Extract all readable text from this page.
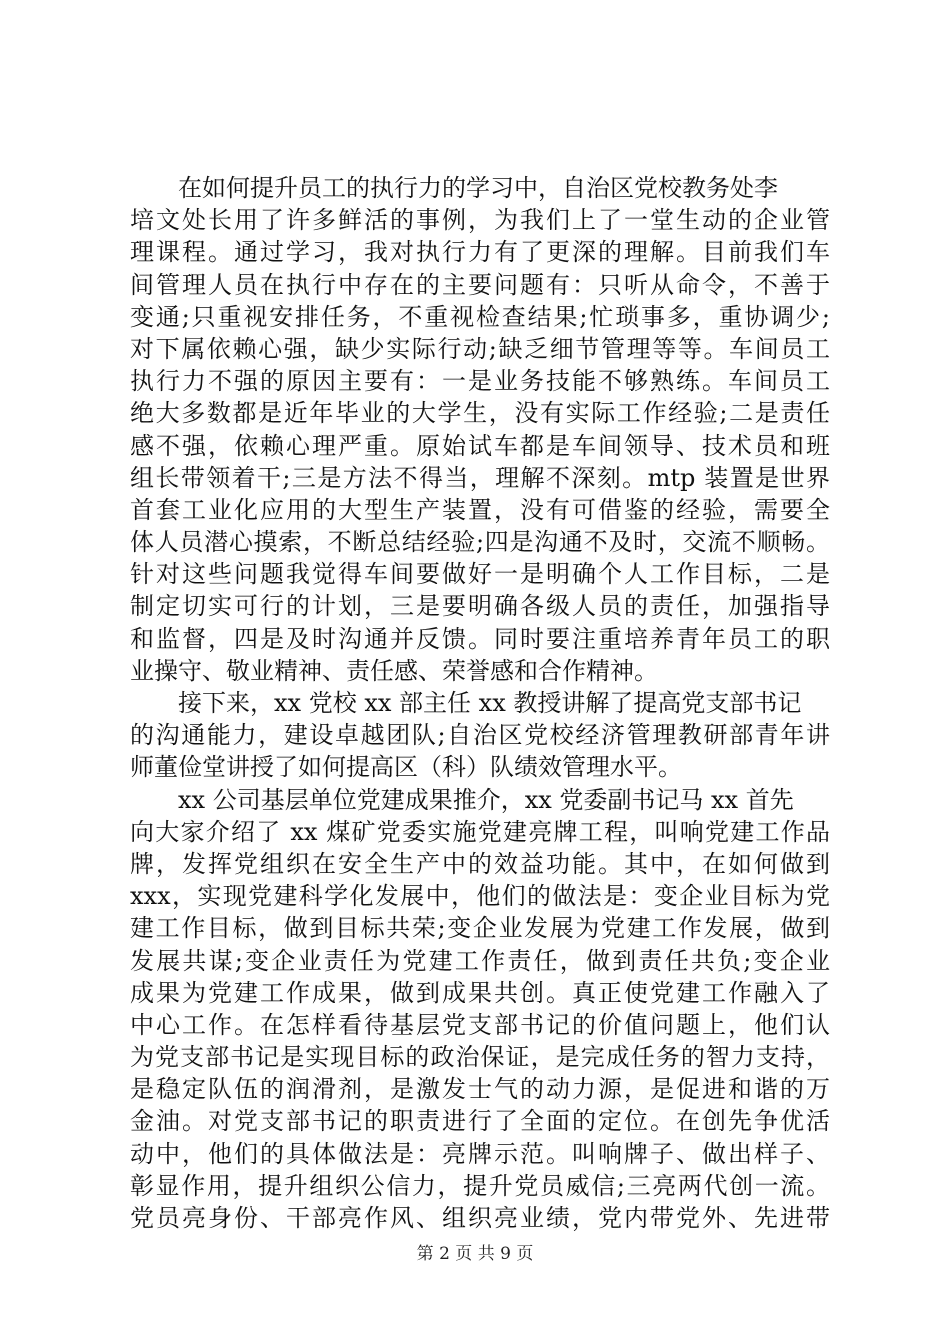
在如何提升员工的执行力的学习中，自治区党校教务处李
培文处长用了许多鲜活的事例，为我们上了一堂生动的企业管
理课程。通过学习，我对执行力有了更深的理解。目前我们车
间管理人员在执行中存在的主要问题有：只听从命令，不善于
变通;只重视安排任务，不重视检查结果;忙琐事多，重协调少;
对下属依赖心强，缺少实际行动;缺乏细节管理等等。车间员工
执行力不强的原因主要有：一是业务技能不够熟练。车间员工
绝大多数都是近年毕业的大学生，没有实际工作经验;二是责任
感不强，依赖心理严重。原始试车都是车间领导、技术员和班
组长带领着干;三是方法不得当，理解不深刻。mtp 装置是世界
首套工业化应用的大型生产装置，没有可借鉴的经验，需要全
体人员潜心摸索，不断总结经验;四是沟通不及时，交流不顺畅。
针对这些问题我觉得车间要做好一是明确个人工作目标，二是
制定切实可行的计划，三是要明确各级人员的责任，加强指导
和监督，四是及时沟通并反馈。同时要注重培养青年员工的职
业操守、敬业精神、责任感、荣誉感和合作精神。
接下来，xx 党校 xx 部主任 xx 教授讲解了提高党支部书记
的沟通能力，建设卓越团队;自治区党校经济管理教研部青年讲
师董俭堂讲授了如何提高区（科）队绩效管理水平。
xx 公司基层单位党建成果推介，xx 党委副书记马 xx 首先
向大家介绍了 xx 煤矿党委实施党建亮牌工程，叫响党建工作品
牌，发挥党组织在安全生产中的效益功能。其中，在如何做到
xxx，实现党建科学化发展中，他们的做法是：变企业目标为党
建工作目标，做到目标共荣;变企业发展为党建工作发展，做到
发展共谋;变企业责任为党建工作责任，做到责任共负;变企业
成果为党建工作成果，做到成果共创。真正使党建工作融入了
中心工作。在怎样看待基层党支部书记的价值问题上，他们认
为党支部书记是实现目标的政治保证，是完成任务的智力支持，
是稳定队伍的润滑剂，是激发士气的动力源，是促进和谐的万
金油。对党支部书记的职责进行了全面的定位。在创先争优活
动中，他们的具体做法是：亮牌示范。叫响牌子、做出样子、
彰显作用，提升组织公信力，提升党员威信;三亮两代创一流。
党员亮身份、干部亮作风、组织亮业绩，党内带党外、先进带
第 2 页 共 9 页
